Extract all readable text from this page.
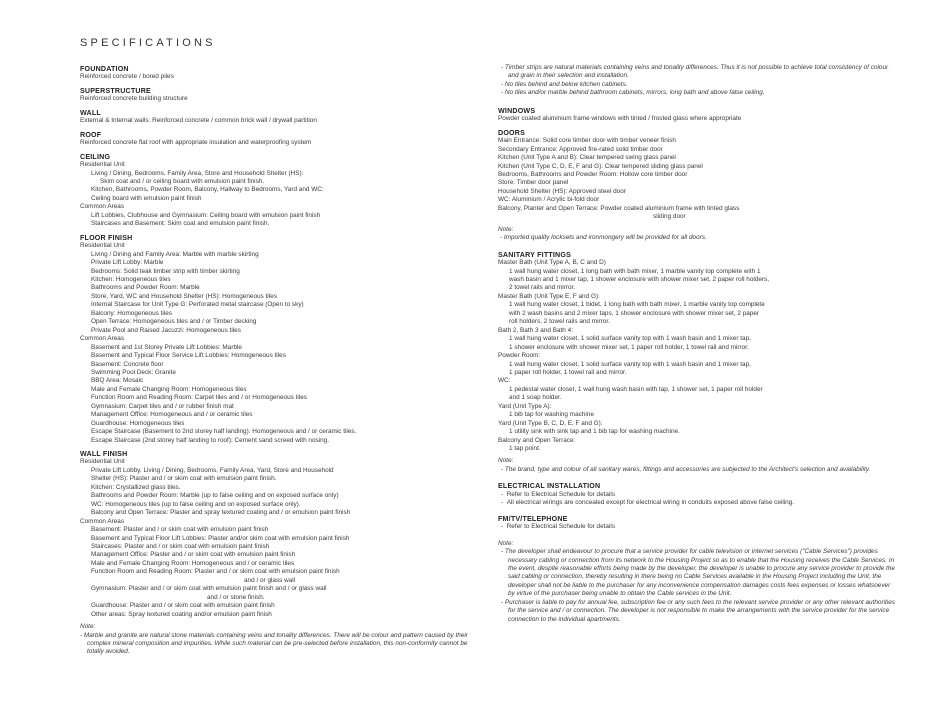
SPECIFICATIONS
FOUNDATION
Reinforced concrete / bored piles
SUPERSTRUCTURE
Reinforced concrete building structure
WALL
External & Internal walls: Reinforced concrete / common brick wall / drywall partition
ROOF
Reinforced concrete flat roof with appropriate insulation and waterproofing system
CEILING
Residential Unit
Living / Dining, Bedrooms, Family Area, Store and Household Shelter (HS):
Skim coat and / or ceiling board with emulsion paint finish.
Kitchen, Bathrooms, Powder Room, Balcony, Hallway to Bedrooms, Yard and WC:
Ceiling board with emulsion paint finish
Common Areas
Lift Lobbies, Clubhouse and Gymnasium: Ceiling board with emulsion paint finish
Staircases and Basement: Skim coat and emulsion paint finish.
FLOOR FINISH
Residential Unit
Living / Dining and Family Area: Marble with marble skirting
Private Lift Lobby: Marble
Bedrooms: Solid teak timber strip with timber skirting
Kitchen: Homogeneous tiles
Bathrooms and Powder Room: Marble
Store, Yard, WC and Household Shelter (HS): Homogeneous tiles
Internal Staircase for Unit Type G: Perforated metal staircase (Open to sky)
Balcony: Homogeneous tiles
Open Terrace: Homogeneous tiles and / or Timber decking
Private Pool and Raised Jacuzzi: Homogeneous tiles
Common Areas
Basement and 1st Storey Private Lift Lobbies: Marble
Basement and Typical Floor Service Lift Lobbies: Homogeneous tiles
Basement: Concrete floor
Swimming Pool Deck: Granite
BBQ Area: Mosaic
Male and Female Changing Room: Homogeneous tiles
Function Room and Reading Room: Carpet tiles and / or Homogeneous tiles
Gymnasium: Carpet tiles and / or rubber finish mat
Management Office: Homogeneous and / or ceramic tiles
Guardhouse: Homogeneous tiles
Escape Staircase (Basement to 2nd storey half landing): Homogeneous and / or ceramic tiles.
Escape Staircase (2nd storey half landing to roof): Cement sand screed with nosing.
WALL FINISH
Residential Unit
Private Lift Lobby, Living / Dining, Bedrooms, Family Area, Yard, Store and Household
Shelter (HS): Plaster and / or skim coat with emulsion paint finish.
Kitchen: Crystallized glass tiles.
Bathrooms and Powder Room: Marble (up to false ceiling and on exposed surface only)
WC: Homogeneous tiles (up to false ceiling and on exposed surface only).
Balcony and Open Terrace: Plaster and spray textured coating and / or emulsion paint finish
Common Areas
Basement: Plaster and / or skim coat with emulsion paint finish
Basement and Typical Floor Lift Lobbies: Plaster and/or skim coat with emulsion paint finish
Staircases: Plaster and / or skim coat with emulsion paint finish
Management Office: Plaster and / or skim coat with emulsion paint finish
Male and Female Changing Room: Homogeneous and / or ceramic tiles
Function Room and Reading Room: Plaster and / or skim coat with emulsion paint finish
and / or glass wall
Gymnasium: Plaster and / or skim coat with emulsion paint finish and / or glass wall
and / or stone finish.
Guardhouse: Plaster and / or skim coat with emulsion paint finish
Other areas: Spray textured coating and/or emulsion paint finish
Note:
- Marble and granite are natural stone materials containing veins and tonality differences. There will be colour and pattern caused by their complex mineral composition and impurities. While such material can be pre-selected before installation, this non-conformity cannot be totally avoided.
- Timber strips are natural materials containing veins and tonality differences. Thus it is not possible to achieve total consistency of colour and grain in their selection and installation.
- No tiles behind and below kitchen cabinets.
- No tiles and/or marble behind bathroom cabinets, mirrors, long bath and above false ceiling.
WINDOWS
Powder coated aluminium frame windows with tinted / frosted glass where appropriate
DOORS
Main Entrance: Solid core timber door with timber veneer finish
Secondary Entrance: Approved fire-rated solid timber door
Kitchen (Unit Type A and B): Clear tempered swing glass panel
Kitchen (Unit Type C, D, E, F and G): Clear tempered sliding glass panel
Bedrooms, Bathrooms and Powder Room: Hollow core timber door
Store: Timber door panel
Household Shelter (HS): Approved steel door
WC: Aluminium / Acrylic bi-fold door
Balcony, Planter and Open Terrace: Powder coated aluminium frame with tinted glass
sliding door
Note:
- Imported quality locksets and ironmongery will be provided for all doors.
SANITARY FITTINGS
Master Bath (Unit Type A, B, C and D)
1 wall hung water closet, 1 long bath with bath mixer, 1 marble vanity top complete with 1
wash basin and 1 mixer tap, 1 shower enclosure with shower mixer set, 2 paper roll holders,
2 towel rails and mirror.
Master Bath (Unit Type E, F and G):
1 wall hung water closet, 1 bidet, 1 long bath with bath mixer, 1 marble vanity top complete
with 2 wash basins and 2 mixer taps, 1 shower enclosure with shower mixer set, 2 paper
roll holders, 2 towel rails and mirror.
Bath 2, Bath 3 and Bath 4:
1 wall hung water closet, 1 solid surface vanity top with 1 wash basin and 1 mixer tap,
1 shower enclosure with shower mixer set, 1 paper roll holder, 1 towel rail and mirror.
Powder Room:
1 wall hung water closet, 1 solid surface vanity top with 1 wash basin and 1 mixer tap,
1 paper roll holder, 1 towel rail and mirror.
WC:
1 pedestal water closet, 1 wall hung wash basin with tap, 1 shower set, 1 paper roll holder
and 1 soap holder.
Yard (Unit Type A):
1 bib tap for washing machine
Yard (Unit Type B, C, D, E, F and G):
1 utility sink with sink tap and 1 bib tap for washing machine.
Balcony and Open Terrace:
1 tap point.
Note:
- The brand, type and colour of all sanitary wares, fittings and accessories are subjected to the Architect's selection and availability.
ELECTRICAL INSTALLATION
-  Refer to Electrical Schedule for details
-  All electrical wirings are concealed except for electrical wiring in conduits exposed above false ceiling.
FM/TV/TELEPHONE
-  Refer to Electrical Schedule for details
Note:
- The developer shall endeavour to procure that a service provider for cable television or internet services ("Cable Services") provides necessary cabling or connection from its network to the Housing Project so as to enable that the Housing receives the Cable Services. In the event, despite reasonable efforts being made by the developer, the developer is unable to procure any service provider to provide the said cabling or connection, thereby resulting in there being no Cable Services available in the Housing Project including the Unit, the developer shall not be liable to the purchaser for any inconvenience compensation damages costs fees expenses or losses whatsoever by virtue of the purchaser being unable to obtain the Cable services in the Unit.
- Purchaser is liable to pay for annual fee, subscription fee or any such fees to the relevant service provider or any other relevant authorities for the service and / or connection. The developer is not responsible to make the arrangements with the service provider for the service connection to the individual apartments.
